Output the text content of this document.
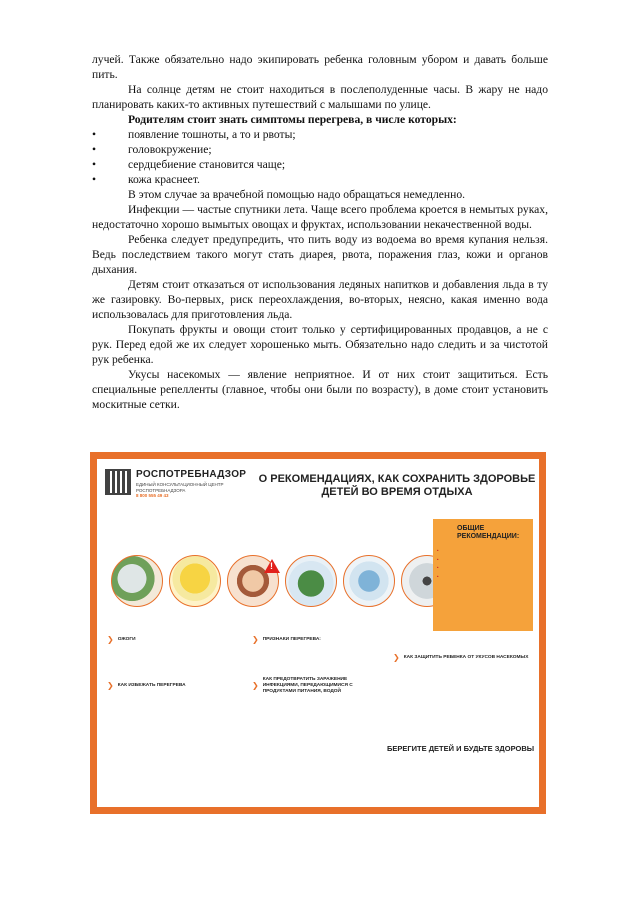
лучей. Также обязательно надо экипировать ребенка головным убором и давать больше пить.

На солнце детям не стоит находиться в послеполуденные часы. В жару не надо планировать каких-то активных путешествий с малышами по улице.

Родителям стоит знать симптомы перегрева, в числе которых:

• появление тошноты, а то и рвоты;
• головокружение;
• сердцебиение становится чаще;
• кожа краснеет.

В этом случае за врачебной помощью надо обращаться немедленно.

Инфекции — частые спутники лета. Чаще всего проблема кроется в немытых руках, недостаточно хорошо вымытых овощах и фруктах, использовании некачественной воды.

Ребенка следует предупредить, что пить воду из водоема во время купания нельзя. Ведь последствием такого могут стать диарея, рвота, поражения глаз, кожи и органов дыхания.

Детям стоит отказаться от использования ледяных напитков и добавления льда в ту же газировку. Во-первых, риск переохлаждения, во-вторых, неясно, какая именно вода использовалась для приготовления льда.

Покупать фрукты и овощи стоит только у сертифицированных продавцов, а не с рук. Перед едой же их следует хорошенько мыть. Обязательно надо следить и за чистотой рук ребенка.

Укусы насекомых — явление неприятное. И от них стоит защититься. Есть специальные репелленты (главное, чтобы они были по возрасту), в доме стоит установить москитные сетки.

РОСПОТРЕБНАДЗОР
ЕДИНЫЙ КОНСУЛЬТАЦИОННЫЙ ЦЕНТР РОСПОТРЕБНАДЗОРА
8 800 555 49 43
О РЕКОМЕНДАЦИЯХ, КАК СОХРАНИТЬ ЗДОРОВЬЕ ДЕТЕЙ ВО ВРЕМЯ ОТДЫХА
!
!
ОБЩИЕ РЕКОМЕНДАЦИИ:
•
•
•
•
❯ ОЖОГИ
❯ КАК ИЗБЕЖАТЬ ПЕРЕГРЕВА
❯ ПРИЗНАКИ ПЕРЕГРЕВА:
❯
КАК ПРЕДОТВРАТИТЬ ЗАРАЖЕНИЕ ИНФЕКЦИЯМИ, ПЕРЕДАЮЩИМИСЯ С ПРОДУКТАМИ ПИТАНИЯ, ВОДОЙ
❯ КАК ЗАЩИТИТЬ РЕБЕНКА ОТ УКУСОВ НАСЕКОМЫХ
БЕРЕГИТЕ ДЕТЕЙ И БУДЬТЕ ЗДОРОВЫ
